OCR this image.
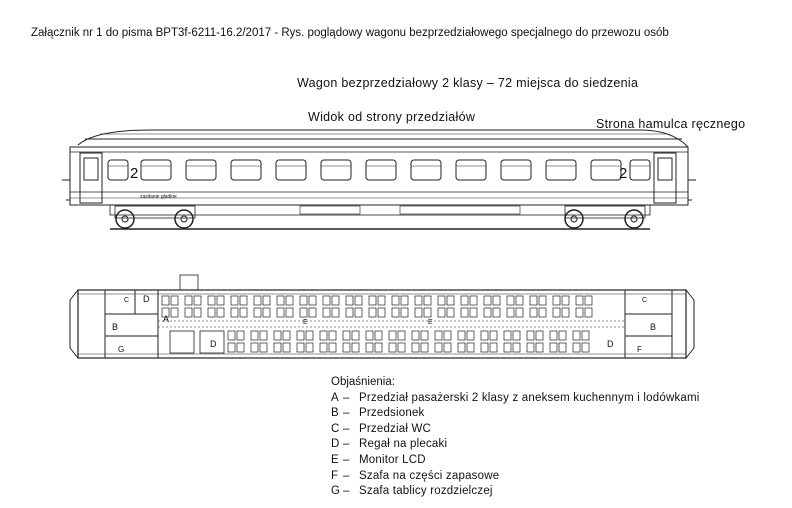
Załącznik nr 1 do pisma BPT3f-6211-16.2/2017 - Rys. poglądowy wagonu bezprzedziałowego specjalnego do przewozu osób
Wagon bezprzedziałowy 2 klasy – 72 miejsca do siedzenia
Widok od strony przedziałów	Strona hamulca ręcznego
2	2
zasilanie gładkie
A
B	B
C	C
D
D	D
E	E
F
G
Objaśnienia:
A – Przedział pasażerski 2 klasy z aneksem kuchennym i lodówkami
B – Przedsionek
C – Przedział WC
D – Regał na plecaki
E – Monitor LCD
F – Szafa na części zapasowe
G – Szafa tablicy rozdzielczej
